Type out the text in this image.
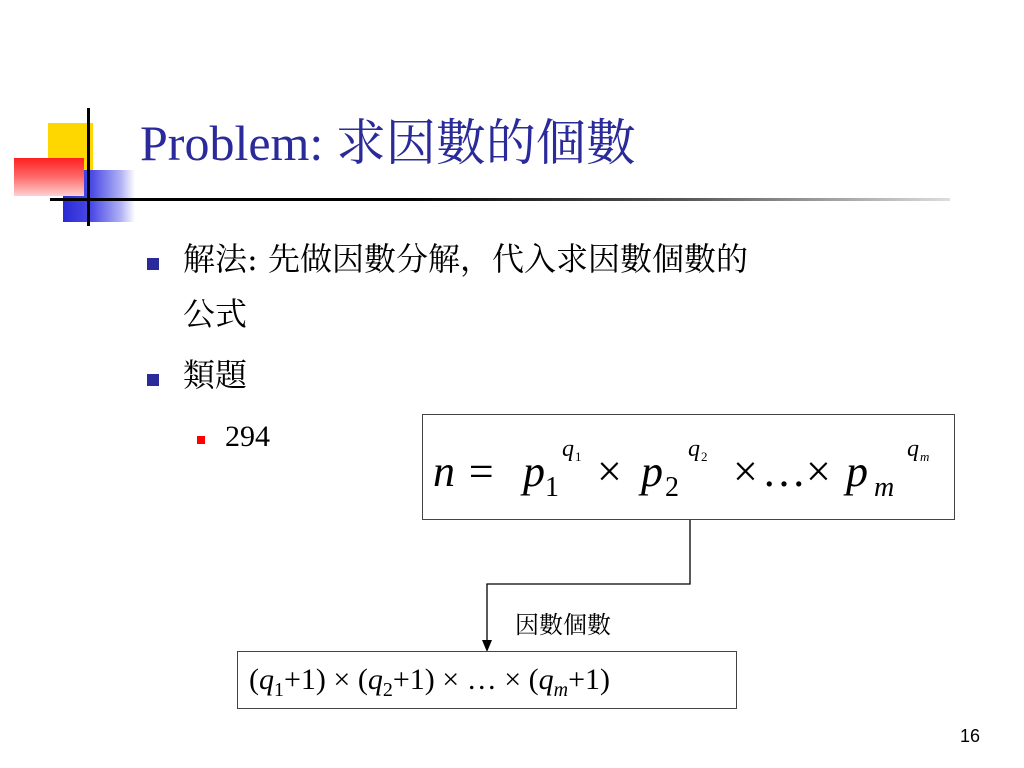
Problem: 求因數的個數
解法: 先做因數分解，代入求因數個數的
公式
類題
294
n = p 1
q 1 × p 2
q 2 × … × p m
q m
因數個數
$(q_1+1) \times (q_2+1)$ × … × $(q_m+1)$
16
